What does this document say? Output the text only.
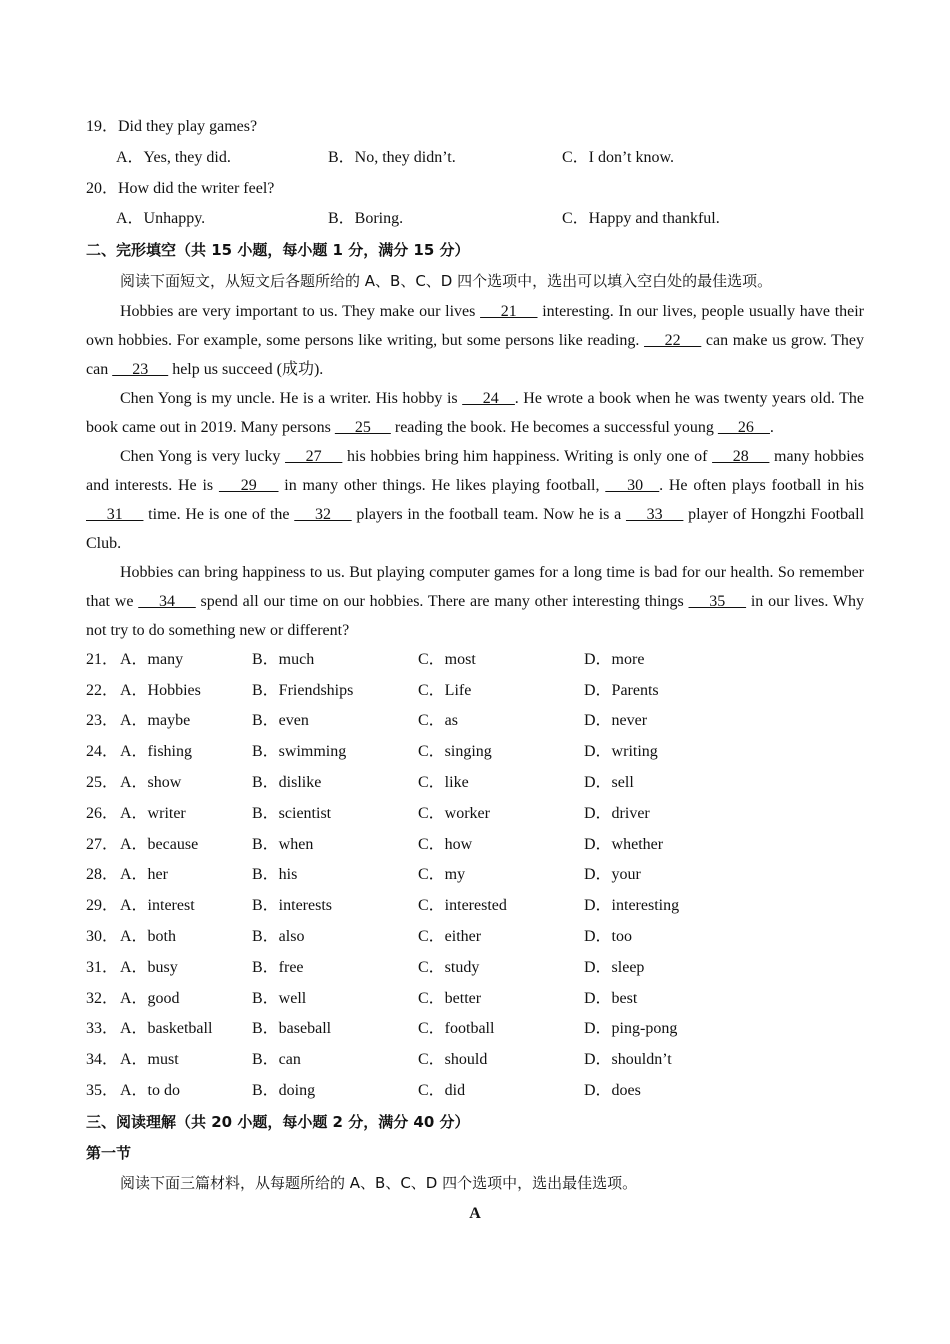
19．Did they play games?
A．Yes, they did.	B．No, they didn’t.	C．I don’t know.
20．How did the writer feel?
A．Unhappy.	B．Boring.	C．Happy and thankful.
二、完形填空（共 15 小题，每小题 1 分，满分 15 分）
阅读下面短文，从短文后各题所给的 A、B、C、D 四个选项中，选出可以填入空白处的最佳选项。

Hobbies are very important to us. They make our lives  __21__  interesting. In our lives, people usually have their own hobbies. For example, some persons like writing, but some persons like reading.  __22__  can make us grow. They can  __23__  help us succeed (成功).

Chen Yong is my uncle. He is a writer. His hobby is  __24__. He wrote a book when he was twenty years old. The book came out in 2019. Many persons  __25__  reading the book. He becomes a successful young  __26__.

Chen Yong is very lucky  __27__  his hobbies bring him happiness. Writing is only one of  __28__  many hobbies and interests. He is  __29__  in many other things. He likes playing football,  __30__. He often plays football in his  __31__  time. He is one of the  __32__  players in the football team. Now he is a  __33__  player of Hongzhi Football Club.

Hobbies can bring happiness to us. But playing computer games for a long time is bad for our health. So remember that we  __34__  spend all our time on our hobbies. There are many other interesting things  __35__  in our lives. Why not try to do something new or different?

21． A．many	B．much	C．most	D．more
22． A．Hobbies	B．Friendships	C．Life	D．Parents
23． A．maybe	B．even	C．as	D．never
24． A．fishing	B．swimming	C．singing	D．writing
25． A．show	B．dislike	C．like	D．sell
26． A．writer	B．scientist	C．worker	D．driver
27． A．because	B．when	C．how	D．whether
28． A．her	B．his	C．my	D．your
29． A．interest	B．interests	C．interested	D．interesting
30． A．both	B．also	C．either	D．too
31． A．busy	B．free	C．study	D．sleep
32． A．good	B．well	C．better	D．best
33． A．basketball B．baseball	C．football	D．ping-pong
34． A．must	B．can	C．should	D．shouldn’t
35． A．to do	B．doing	C．did	D．does
三、阅读理解（共 20 小题，每小题 2 分，满分 40 分）
第一节
阅读下面三篇材料，从每题所给的 A、B、C、D 四个选项中，选出最佳选项。
A
